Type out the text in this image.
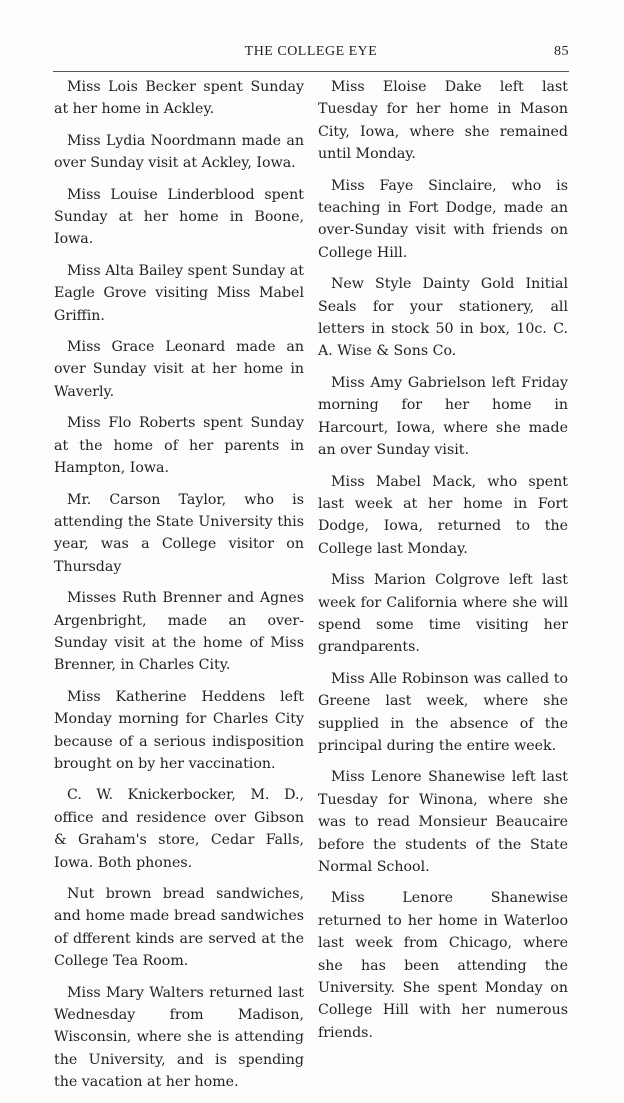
THE COLLEGE EYE	85

Miss Lois Becker spent Sunday at her home in Ackley.

Miss Lydia Noordmann made an over Sunday visit at Ackley, Iowa.

Miss Louise Linderblood spent Sunday at her home in Boone, Iowa.

Miss Alta Bailey spent Sunday at Eagle Grove visiting Miss Mabel Griffin.

Miss Grace Leonard made an over Sunday visit at her home in Waverly.

Miss Flo Roberts spent Sunday at the home of her parents in Hampton, Iowa.

Mr. Carson Taylor, who is attending the State University this year, was a College visitor on Thursday

Misses Ruth Brenner and Agnes Argenbright, made an over-Sunday visit at the home of Miss Brenner, in Charles City.

Miss Katherine Heddens left Monday morning for Charles City because of a serious indisposition brought on by her vaccination.

C. W. Knickerbocker, M. D., office and residence over Gibson & Graham's store, Cedar Falls, Iowa. Both phones.

Nut brown bread sandwiches, and home made bread sandwiches of dfferent kinds are served at the College Tea Room.

Miss Mary Walters returned last Wednesday from Madison, Wisconsin, where she is attending the University, and is spending the vacation at her home.

Miss Eloise Dake left last Tuesday for her home in Mason City, Iowa, where she remained until Monday.

Miss Faye Sinclaire, who is teaching in Fort Dodge, made an over-Sunday visit with friends on College Hill.

New Style Dainty Gold Initial Seals for your stationery, all letters in stock 50 in box, 10c. C. A. Wise & Sons Co.

Miss Amy Gabrielson left Friday morning for her home in Harcourt, Iowa, where she made an over Sunday visit.

Miss Mabel Mack, who spent last week at her home in Fort Dodge, Iowa, returned to the College last Monday.

Miss Marion Colgrove left last week for California where she will spend some time visiting her grandparents.

Miss Alle Robinson was called to Greene last week, where she supplied in the absence of the principal during the entire week.

Miss Lenore Shanewise left last Tuesday for Winona, where she was to read Monsieur Beaucaire before the students of the State Normal School.

Miss Lenore Shanewise returned to her home in Waterloo last week from Chicago, where she has been attending the University. She spent Monday on College Hill with her numerous friends.
